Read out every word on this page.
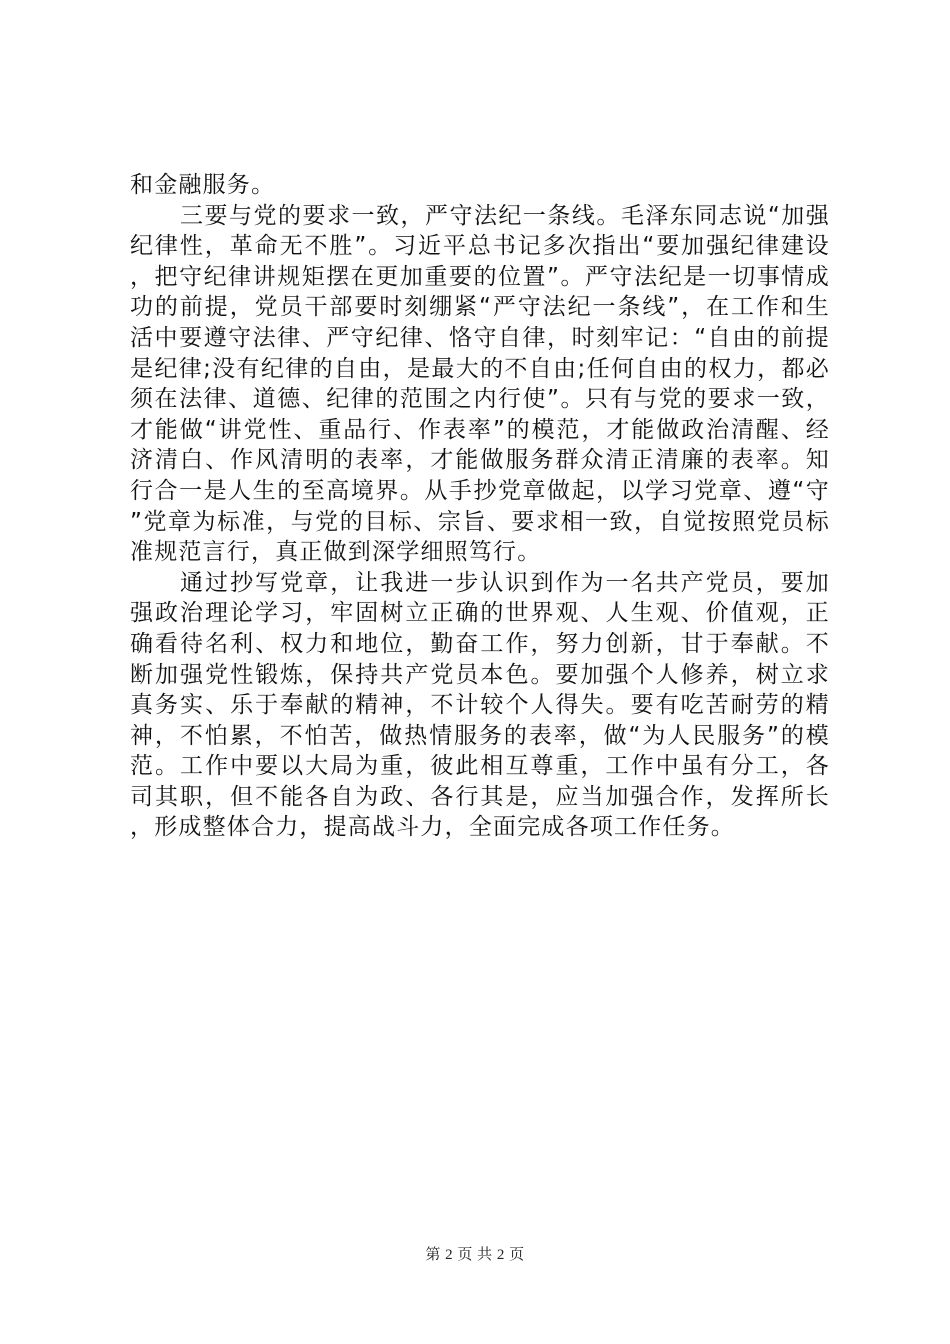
和金融服务。

三要与党的要求一致，严守法纪一条线。毛泽东同志说“加强纪律性，革命无不胜”。习近平总书记多次指出“要加强纪律建设，把守纪律讲规矩摆在更加重要的位置”。严守法纪是一切事情成功的前提，党员干部要时刻绷紧“严守法纪一条线”，在工作和生活中要遵守法律、严守纪律、恪守自律，时刻牢记：“自由的前提是纪律;没有纪律的自由，是最大的不自由;任何自由的权力，都必须在法律、道德、纪律的范围之内行使”。只有与党的要求一致，才能做“讲党性、重品行、作表率”的模范，才能做政治清醒、经济清白、作风清明的表率，才能做服务群众清正清廉的表率。知行合一是人生的至高境界。从手抄党章做起，以学习党章、遵“守”党章为标准，与党的目标、宗旨、要求相一致，自觉按照党员标准规范言行，真正做到深学细照笃行。

通过抄写党章，让我进一步认识到作为一名共产党员，要加强政治理论学习，牢固树立正确的世界观、人生观、价值观，正确看待名利、权力和地位，勤奋工作，努力创新，甘于奉献。不断加强党性锻炼，保持共产党员本色。要加强个人修养，树立求真务实、乐于奉献的精神，不计较个人得失。要有吃苦耐劳的精神，不怕累，不怕苦，做热情服务的表率，做“为人民服务”的模范。工作中要以大局为重，彼此相互尊重，工作中虽有分工，各司其职，但不能各自为政、各行其是，应当加强合作，发挥所长，形成整体合力，提高战斗力，全面完成各项工作任务。

第 2 页 共 2 页
